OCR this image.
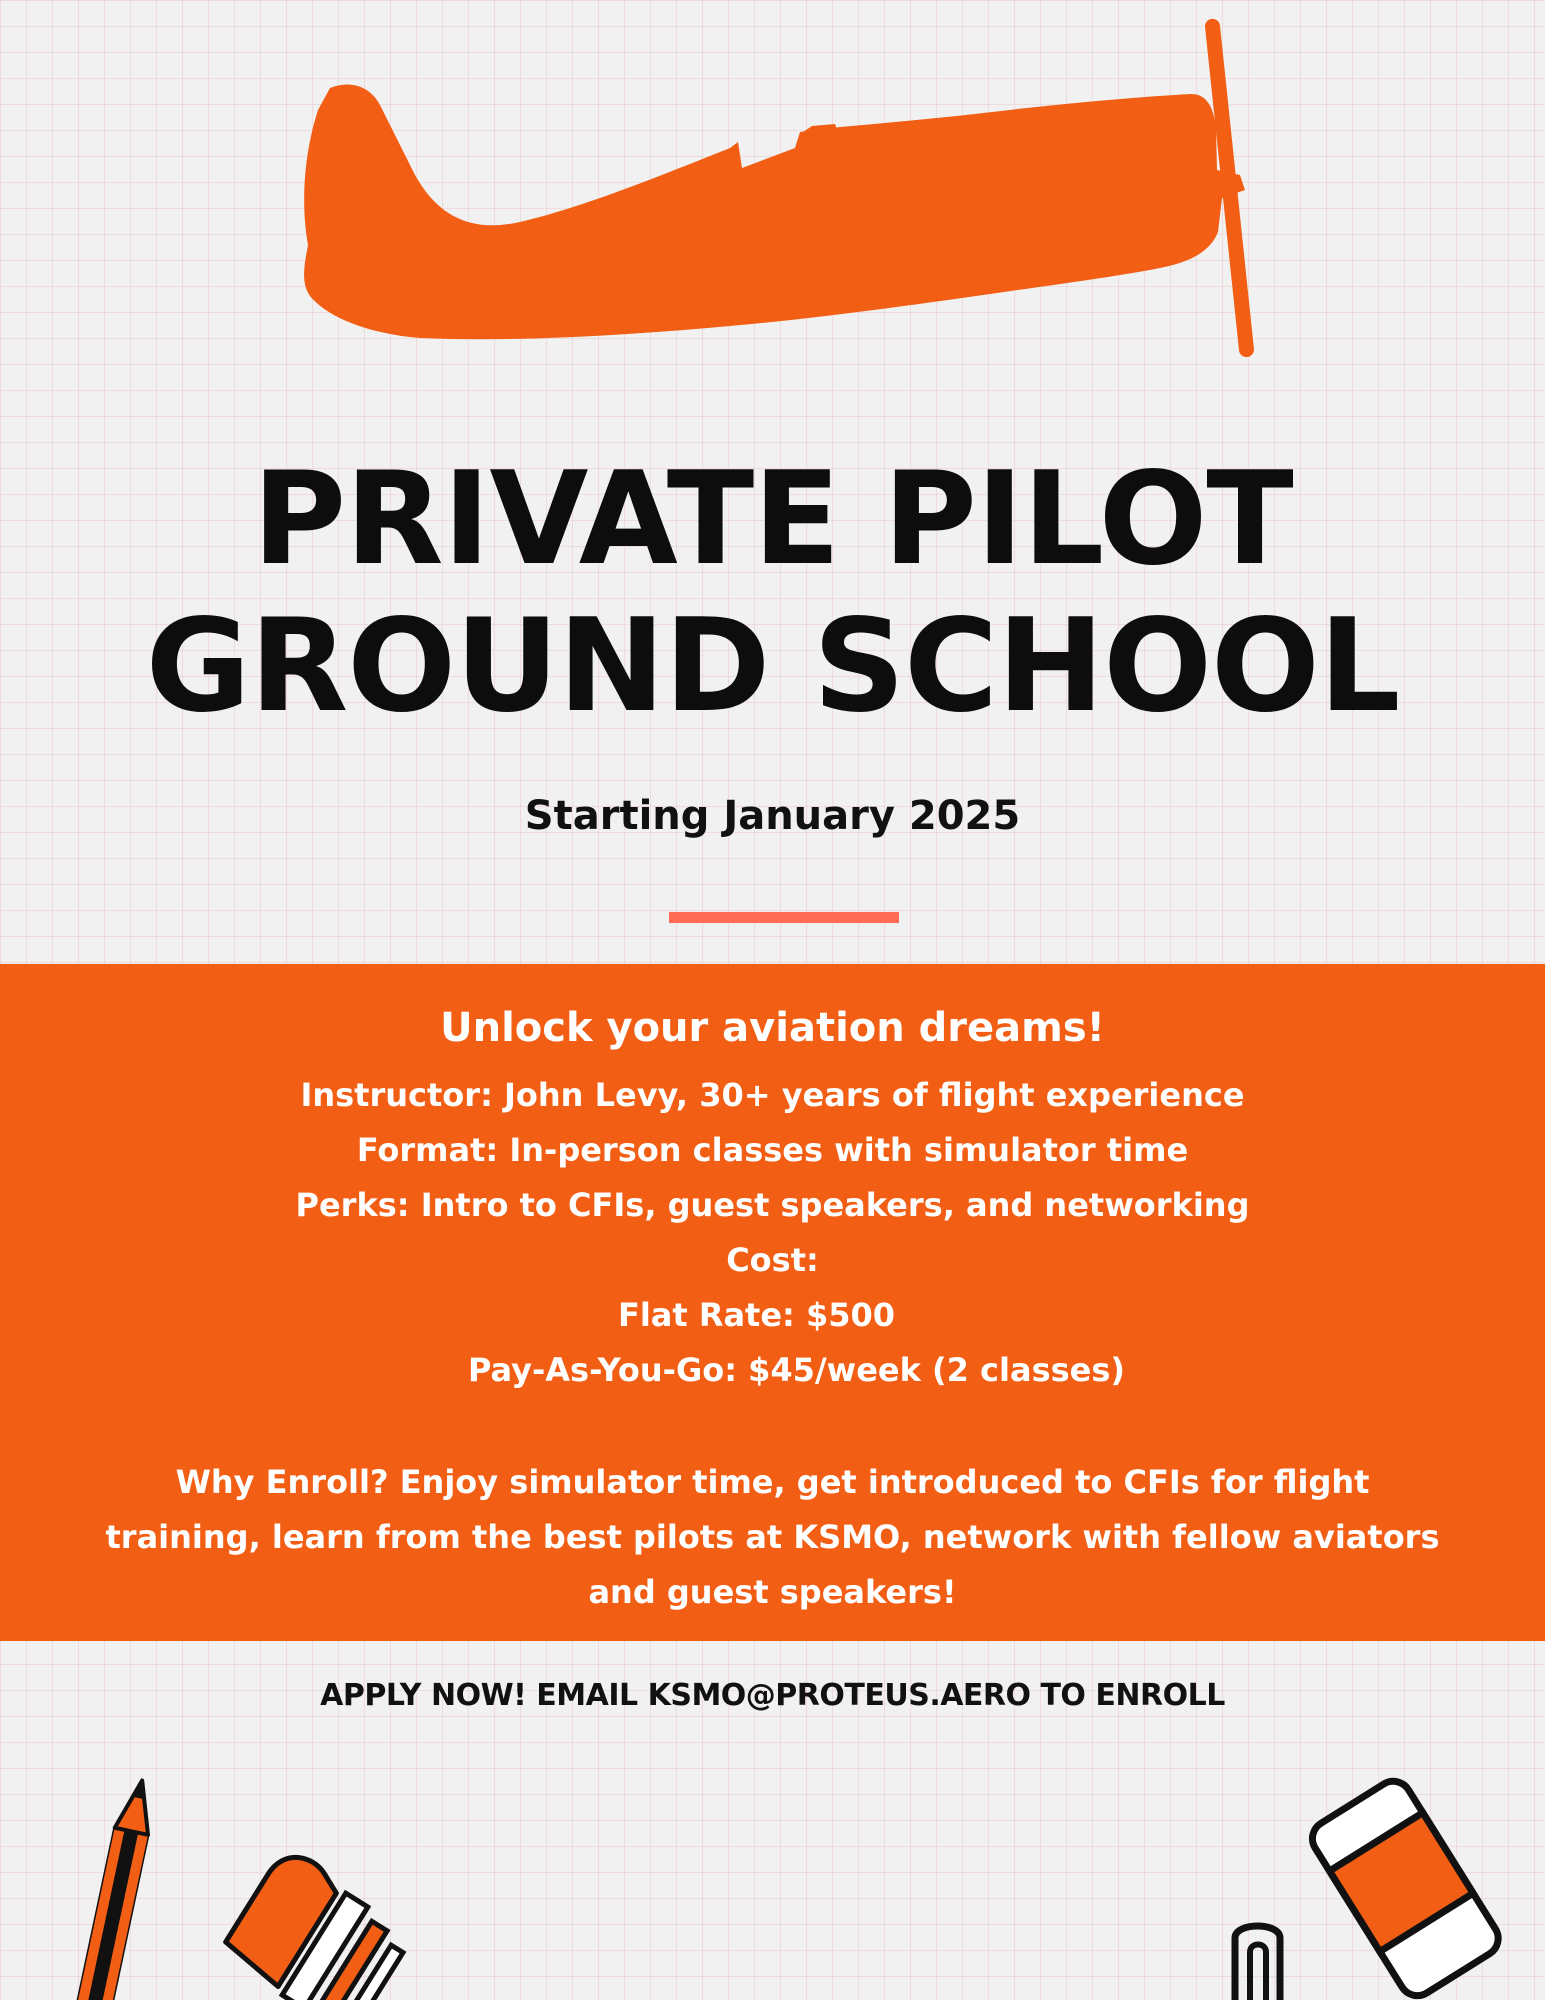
PRIVATE PILOT
GROUND SCHOOL
Starting January 2025
Unlock your aviation dreams!
Instructor: John Levy, 30+ years of flight experience
Format: In-person classes with simulator time
Perks: Intro to CFIs, guest speakers, and networking
Cost:
Flat Rate: $500
Pay-As-You-Go: $45/week (2 classes)
Why Enroll? Enjoy simulator time, get introduced to CFIs for flight training, learn from the best pilots at KSMO, network with fellow aviators and guest speakers!
APPLY NOW! EMAIL KSMO@PROTEUS.AERO TO ENROLL
